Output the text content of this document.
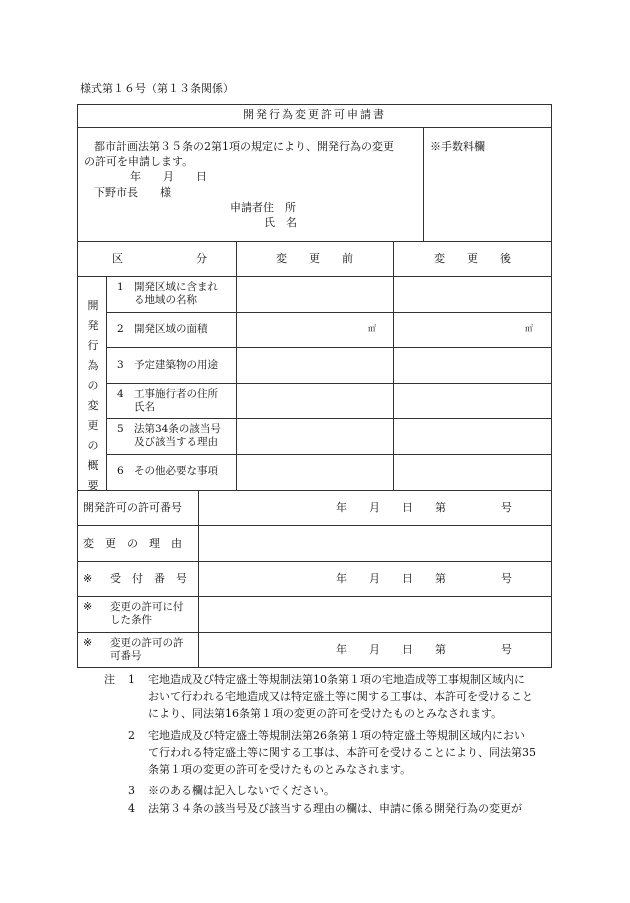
様式第１６号（第１３条関係）
開発行為変更許可申請書
都市計画法第３５条の2第1項の規定により、開発行為の変更
の許可を申請します。
年　　月　　日
下野市長　　様
申請者住　所
氏　名
※手数料欄
区	分	変　　更　　前	変　　更　　後
開発行為の変更の概要
1 開発区域に含まれ
る地域の名称
2 開発区域の面積	㎡	㎡
3 予定建築物の用途
4 工事施行者の住所
氏名
5 法第34条の該当号
及び該当する理由
6 その他必要な事項
開発許可の許可番号	年　　月　　日　　第　　　　　号
変　更　の　理　由
※ 受　付　番　号	年　　月　　日　　第　　　　　号
※ 変更の許可に付
した条件
※ 変更の許可の許
可番号	年　　月　　日　　第　　　　　号
注 1 宅地造成及び特定盛土等規制法第10条第１項の宅地造成等工事規制区域内に
おいて行われる宅地造成又は特定盛土等に関する工事は、本許可を受けること
により、同法第16条第１項の変更の許可を受けたものとみなされます。
2 宅地造成及び特定盛土等規制法第26条第１項の特定盛土等規制区域内におい
て行われる特定盛土等に関する工事は、本許可を受けることにより、同法第35
条第１項の変更の許可を受けたものとみなされます。
3 ※のある欄は記入しないでください。
4 法第３４条の該当号及び該当する理由の欄は、申請に係る開発行為の変更が
